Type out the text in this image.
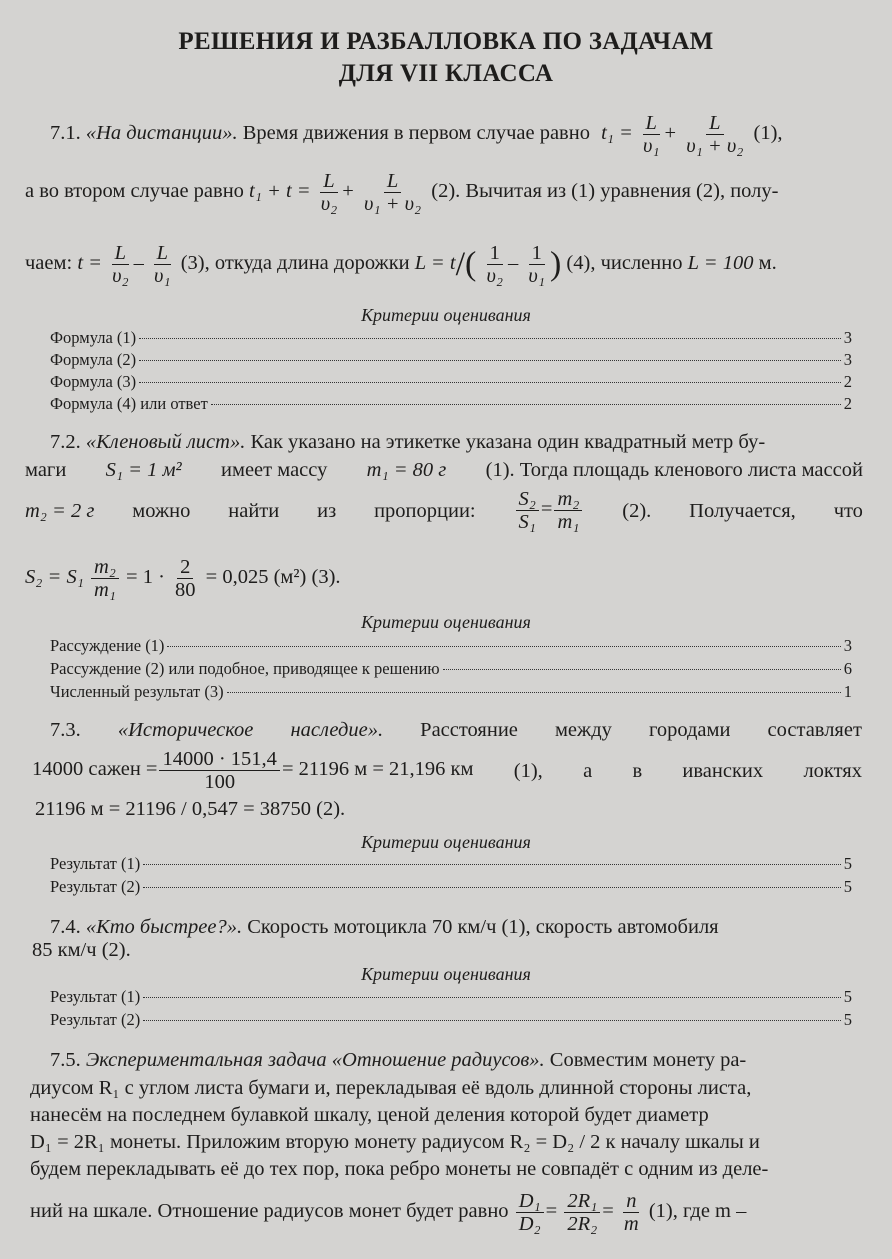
РЕШЕНИЯ И РАЗБАЛЛОВКА ПО ЗАДАЧАМ
ДЛЯ VII КЛАССА
7.1. «На дистанции». Время движения в первом случае равно $t_1 = \frac{L}{\text{υ₁}} + \frac{L}{\text{υ₁ + υ₂}} (1)$,
а во втором случае равно $t_1 + t = \frac{L}{\text{υ₂}} + \frac{L}{\text{υ₁ + υ₂}} (2)$. Вычитая из (1) уравнения (2), полу-
чаем: $t = \frac{L}{\text{υ₂}} - \frac{L}{\text{υ₁}} (3)$, откуда длина дорожки $L = t/( \frac{1}{\text{υ₂}} - \frac{1}{\text{υ₁}}$ ) (4), численно L = 100 м.
Критерии оценивания
Формула (1)	3
Формула (2)	3
Формула (3)	2
Формула (4) или ответ	2
7.2. «Кленовый лист». Как указано на этикетке указана один квадратный метр бу-
маги S₁ = 1 м² имеет массу m₁ = 80 г (1). Тогда площадь кленового листа массой
m₂ = 2 г можно найти из пропорции: $\frac{\text{S₂}}{\text{S₁}} = \frac{\text{m₂}}{\text{m₁}} (2)$. Получается, что
$S_2 = S_1 \frac{\text{m₂}}{\text{m₁}} = 1 \cdot \frac{2}{80} = 0,025$ (м²) (3).
Критерии оценивания
Рассуждение (1)	3
Рассуждение (2) или подобное, приводящее к решению	6
Численный результат (3)	1
7.3. «Историческое наследие». Расстояние между городами составляет
14000 сажен = $\frac{14000 \cdot 151,4}{100} = 21196$ м = 21,196 км (1), а в иванских локтях
21196 м = 21196 / 0,547 = 38750 (2).
Критерии оценивания
Результат (1)	5
Результат (2)	5
7.4. «Кто быстрее?». Скорость мотоцикла 70 км/ч (1), скорость автомобиля
85 км/ч (2).
Критерии оценивания
Результат (1)	5
Результат (2)	5
7.5. Экспериментальная задача «Отношение радиусов». Совместим монету ра-
диусом R₁ с углом листа бумаги и, перекладывая её вдоль длинной стороны листа,
нанесём на последнем булавкой шкалу, ценой деления которой будет диаметр
D₁ = 2R₁ монеты. Приложим вторую монету радиусом R₂ = D₂ / 2 к началу шкалы и
будем перекладывать её до тех пор, пока ребро монеты не совпадёт с одним из деле-
ний на шкале. Отношение радиусов монет будет равно $\frac{\text{D₁}}{\text{D₂}} = \frac{\text{2R₁}}{\text{2R₂}} = \frac{n}{m} (1)$, где m –
